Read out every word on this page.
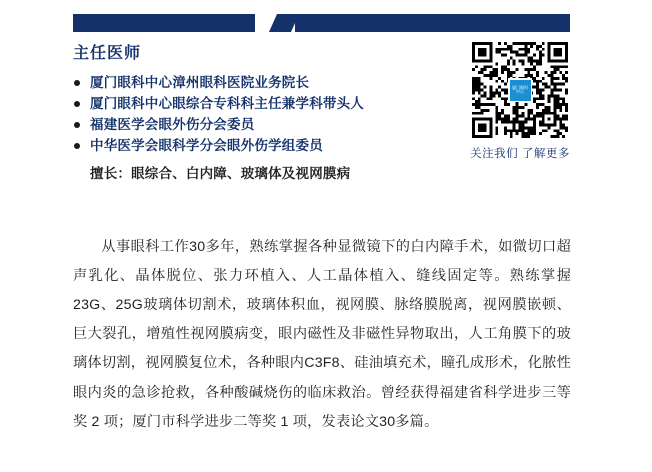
主任医师
厦门眼科中心漳州眼科医院业务院长
厦门眼科中心眼综合专科科主任兼学科带头人
福建医学会眼外伤分会委员
中华医学会眼科学分会眼外伤学组委员
擅长：眼综合、白内障、玻璃体及视网膜病
厦门眼科中心
关注我们 了解更多
从事眼科工作30多年，熟练掌握各种显微镜下的白内障手术，如微切口超声乳化、晶体脱位、张力环植入、人工晶体植入、缝线固定等。熟练掌握23G、25G玻璃体切割术，玻璃体积血，视网膜、脉络膜脱离，视网膜嵌顿、巨大裂孔，增殖性视网膜病变，眼内磁性及非磁性异物取出，人工角膜下的玻璃体切割，视网膜复位术，各种眼内C3F8、硅油填充术，瞳孔成形术，化脓性眼内炎的急诊抢救，各种酸碱烧伤的临床救治。曾经获得福建省科学进步三等奖 2 项；厦门市科学进步二等奖 1 项，发表论文30多篇。
